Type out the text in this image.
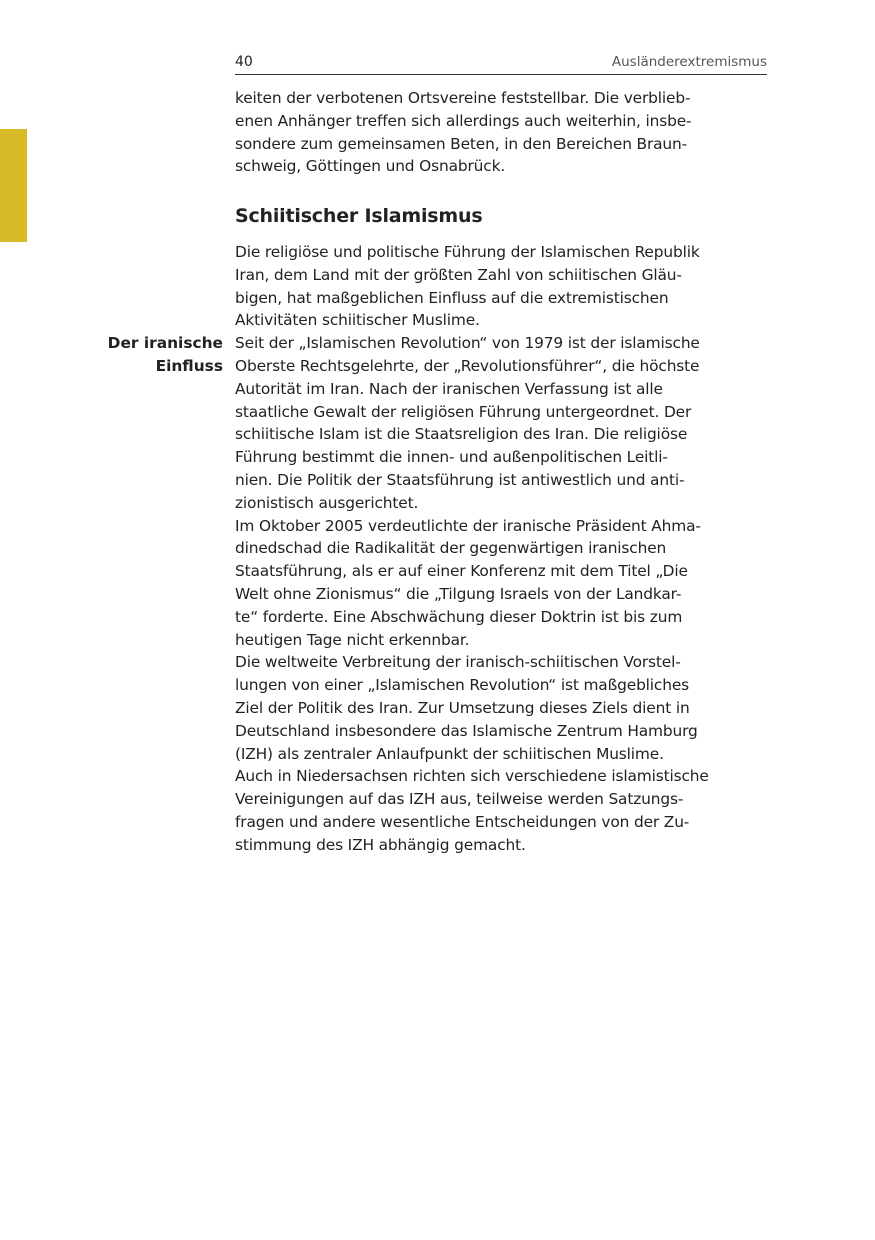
40	Ausländerextremismus

keiten der verbotenen Ortsvereine feststellbar. Die verblieb-

enen Anhänger treffen sich allerdings auch weiterhin, insbe-

sondere zum gemeinsamen Beten, in den Bereichen Braun-

schweig, Göttingen und Osnabrück.

Schiitischer Islamismus
Der iranische
Einfluss

Die religiöse und politische Führung der Islamischen Republik

Iran, dem Land mit der größten Zahl von schiitischen Gläu-

bigen, hat maßgeblichen Einfluss auf die extremistischen

Aktivitäten schiitischer Muslime.

Seit der „Islamischen Revolution“ von 1979 ist der islamische

Oberste Rechtsgelehrte, der „Revolutionsführer“, die höchste

Autorität im Iran. Nach der iranischen Verfassung ist alle

staatliche Gewalt der religiösen Führung untergeordnet. Der

schiitische Islam ist die Staatsreligion des Iran. Die religiöse

Führung bestimmt die innen- und außenpolitischen Leitli-

nien. Die Politik der Staatsführung ist antiwestlich und anti-

zionistisch ausgerichtet.

Im Oktober 2005 verdeutlichte der iranische Präsident Ahma-

dinedschad die Radikalität der gegenwärtigen iranischen

Staatsführung, als er auf einer Konferenz mit dem Titel „Die

Welt ohne Zionismus“ die „Tilgung Israels von der Landkar-

te“ forderte. Eine Abschwächung dieser Doktrin ist bis zum

heutigen Tage nicht erkennbar.

Die weltweite Verbreitung der iranisch-schiitischen Vorstel-

lungen von einer „Islamischen Revolution“ ist maßgebliches

Ziel der Politik des Iran. Zur Umsetzung dieses Ziels dient in

Deutschland insbesondere das Islamische Zentrum Hamburg

(IZH) als zentraler Anlaufpunkt der schiitischen Muslime.

Auch in Niedersachsen richten sich verschiedene islamistische

Vereinigungen auf das IZH aus, teilweise werden Satzungs-

fragen und andere wesentliche Entscheidungen von der Zu-

stimmung des IZH abhängig gemacht.
